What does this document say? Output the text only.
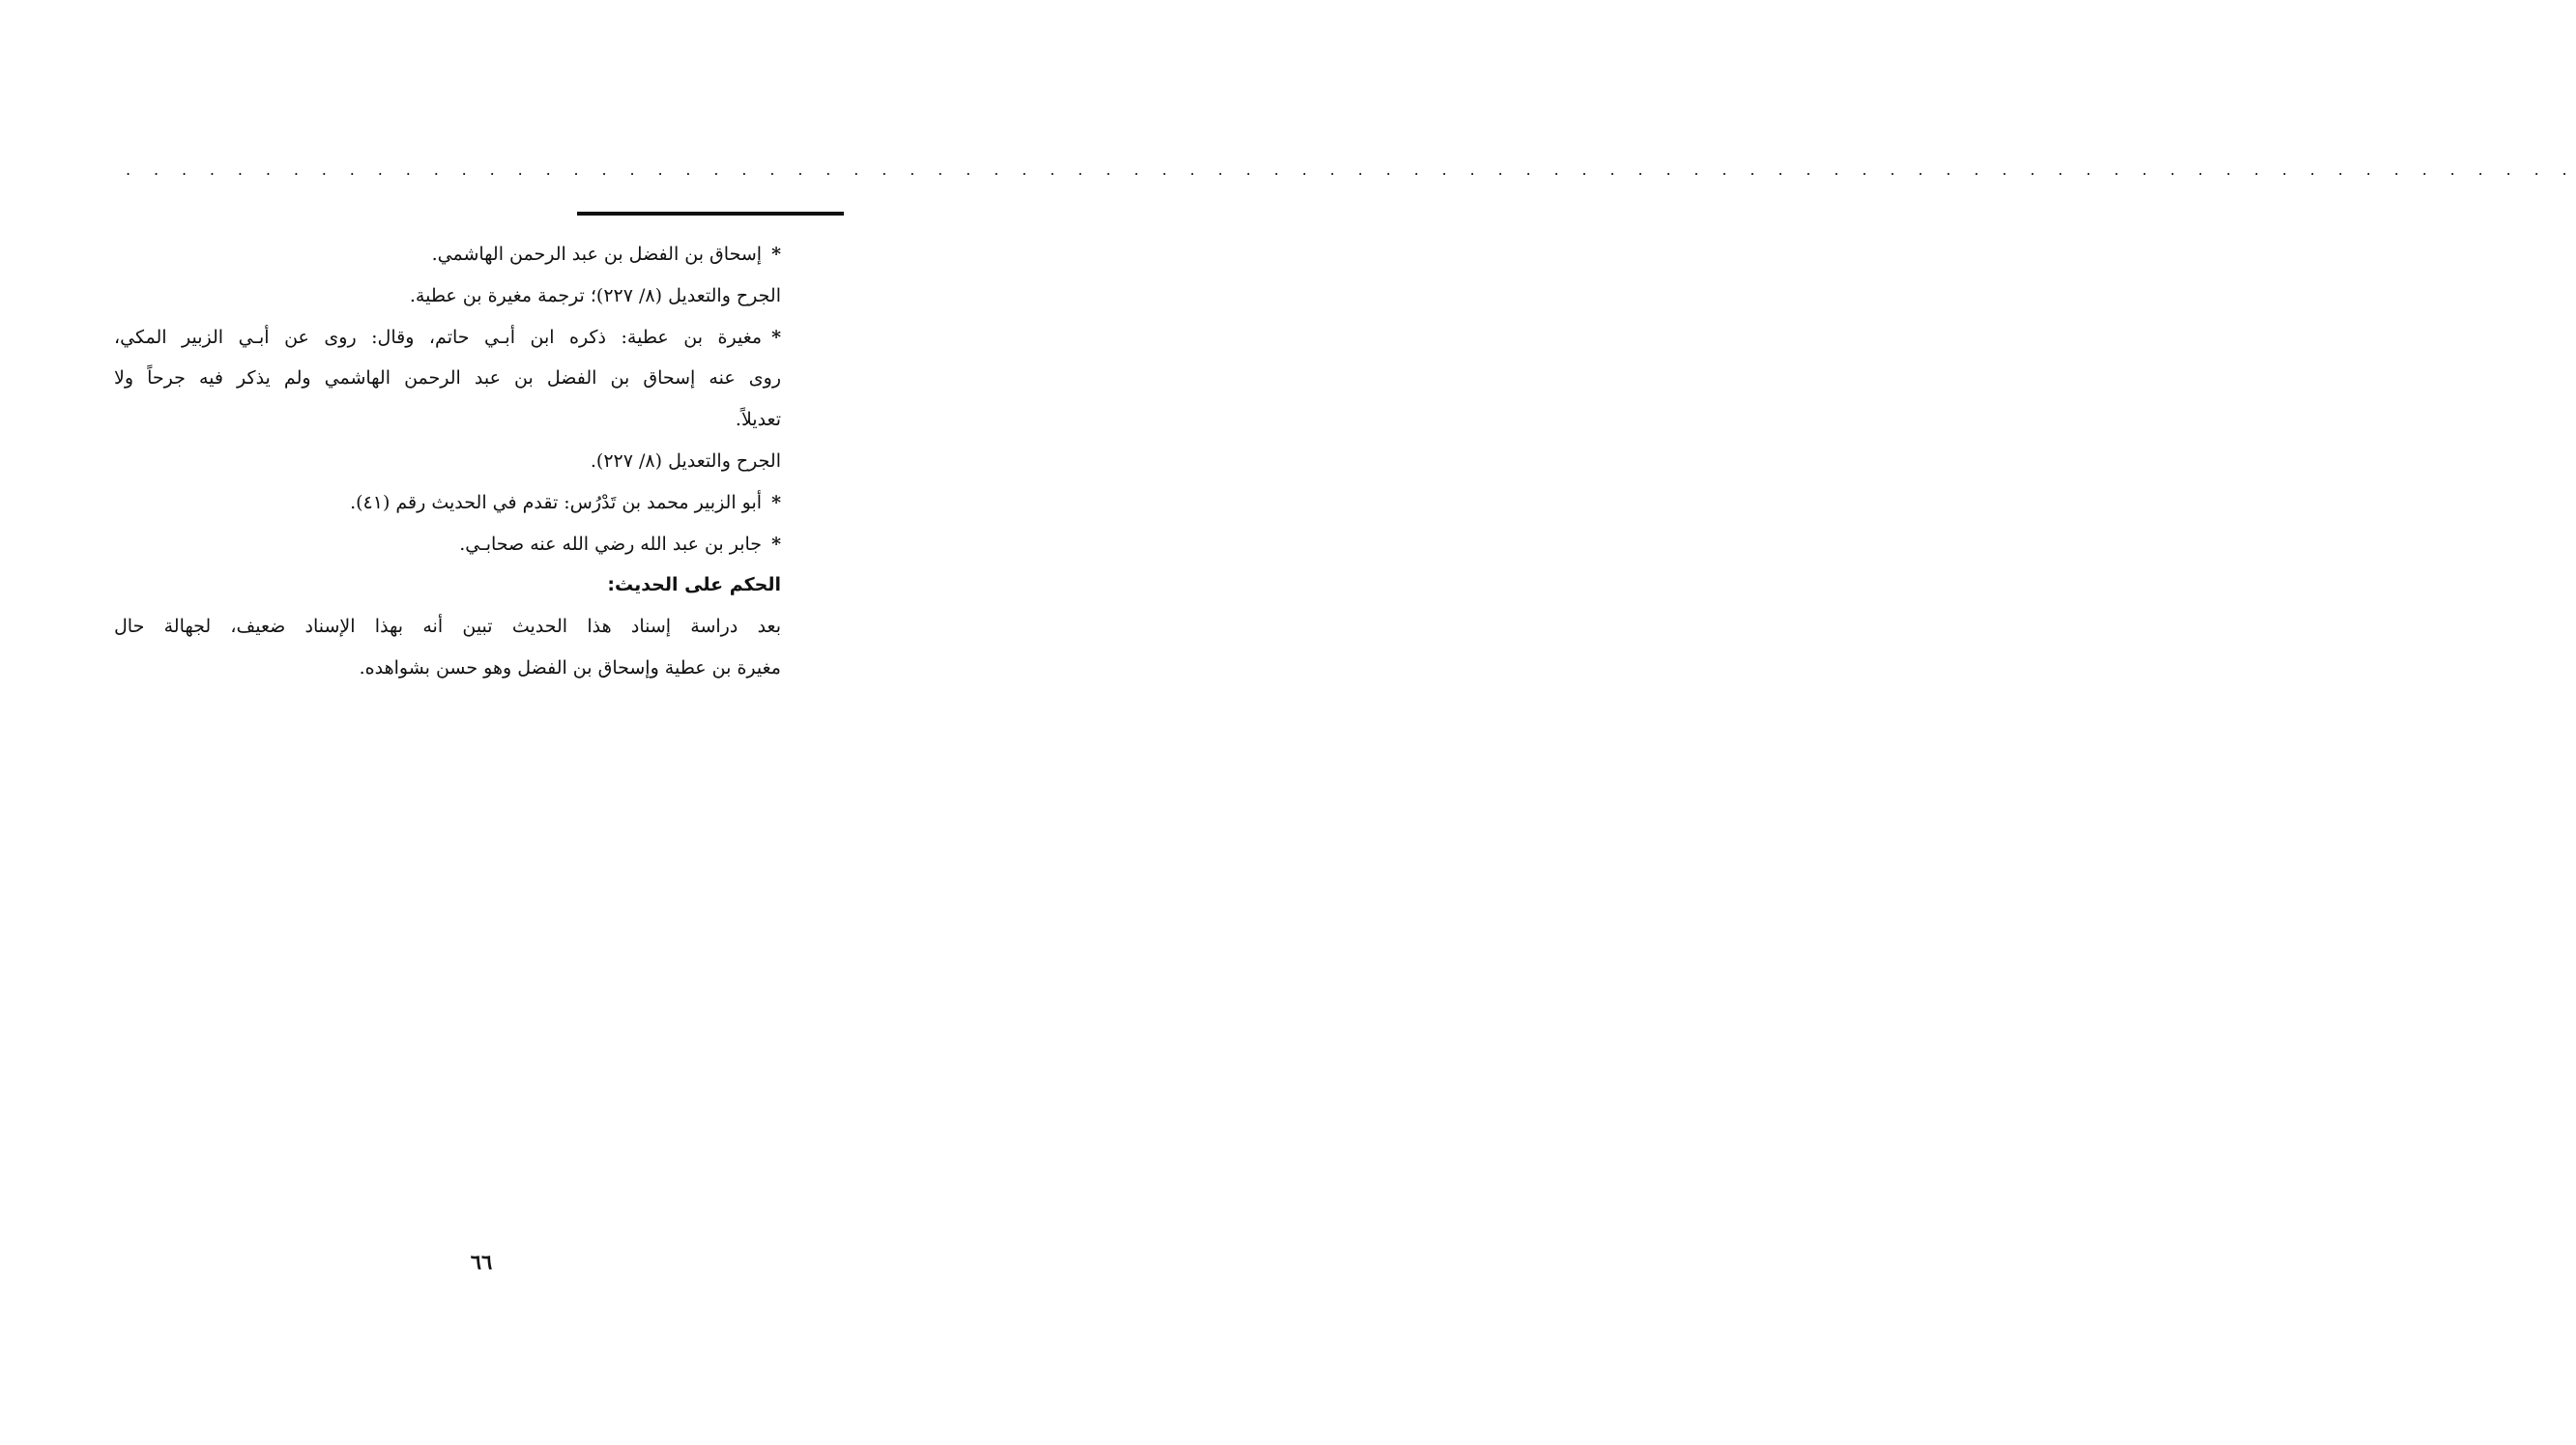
. . . . . . . . . . . . . . . . . . . . . . . . . . . . . . . . . . . . . . . . . . . . . . . . . . . . . . . . . . . . . . . . . . . . . . . . . . . . . . . . . . . . . . . .
*إسحاق بن الفضل بن عبد الرحمن الهاشمي.
الجرح والتعديل (٨/ ٢٢٧)؛ ترجمة مغيرة بن عطية.
*مغيرة بن عطية: ذكره ابن أبـي حاتم، وقال: روى عن أبـي الزبير المكي،
روى عنه إسحاق بن الفضل بن عبد الرحمن الهاشمي ولم يذكر فيه جرحاً ولا
تعديلاً.
الجرح والتعديل (٨/ ٢٢٧).
*أبو الزبير محمد بن تَدْرُس: تقدم في الحديث رقم (٤١).
*جابر بن عبد الله رضي الله عنه صحابـي.
الحكم على الحديث:
بعد دراسة إسناد هذا الحديث تبين أنه بهذا الإسناد ضعيف، لجهالة حال
مغيرة بن عطية وإسحاق بن الفضل وهو حسن بشواهده.
٦٦
